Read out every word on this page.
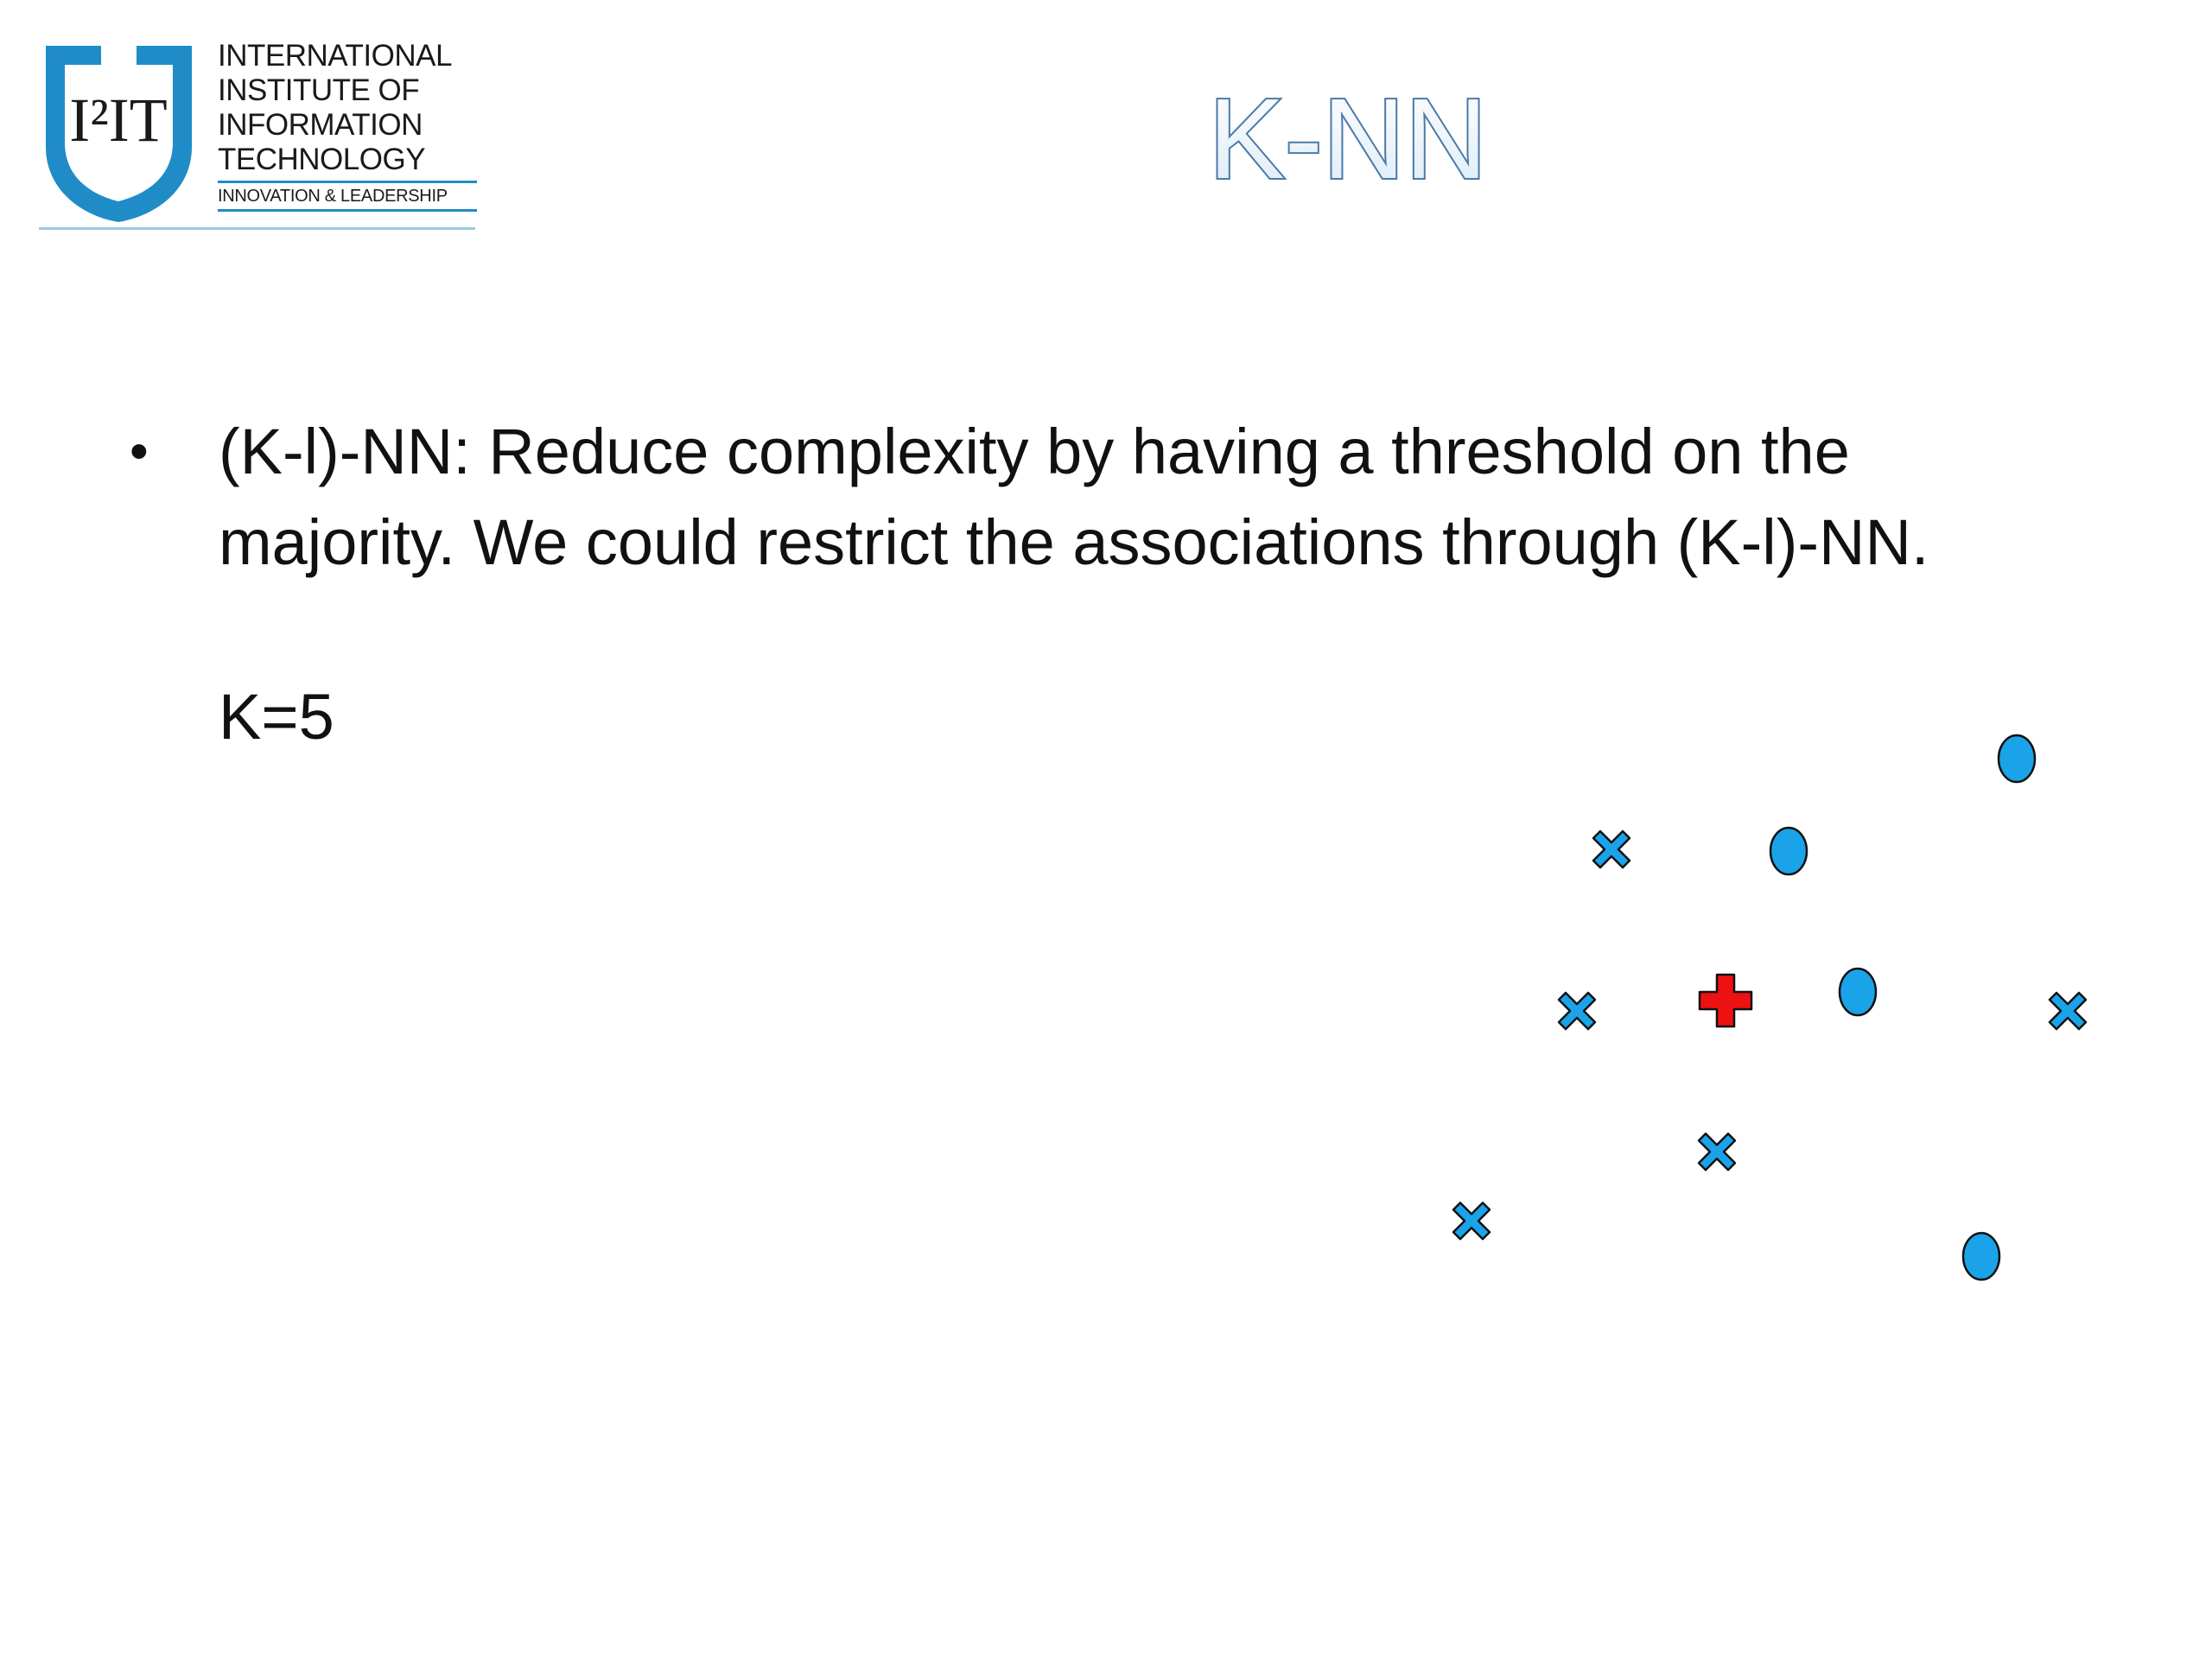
I²IT
INTERNATIONAL
INSTITUTE OF
INFORMATION
TECHNOLOGY
INNOVATION & LEADERSHIP	K-NN
• (K-l)-NN: Reduce complexity by having a threshold on the
majority. We could restrict the associations through (K-l)-NN.
K=5
